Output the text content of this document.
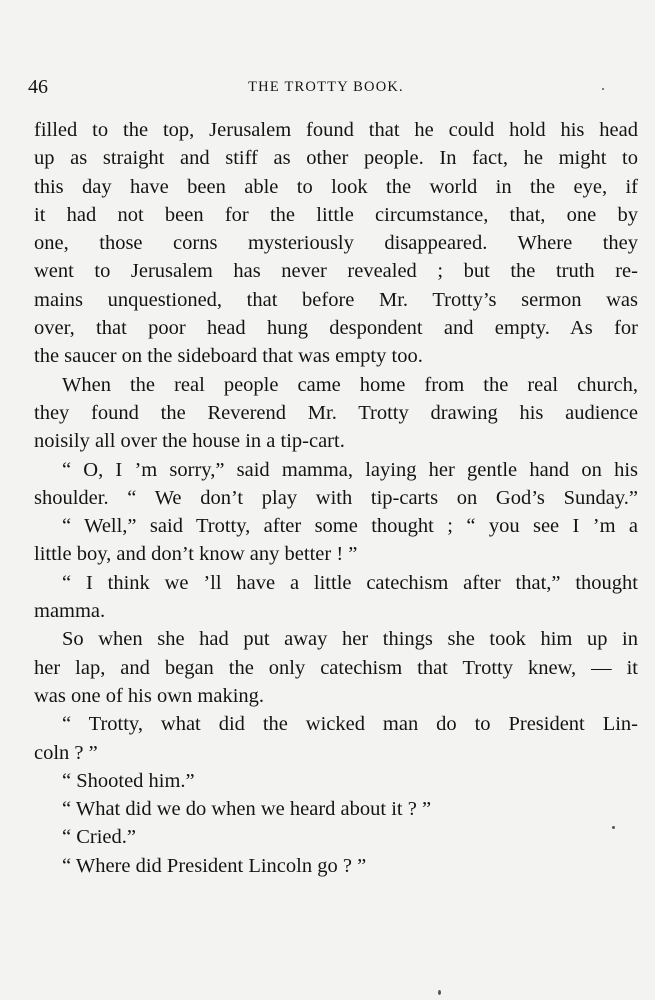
46	THE TROTTY BOOK.
filled to the top, Jerusalem found that he could hold his head
up as straight and stiff as other people. In fact, he might to
this day have been able to look the world in the eye, if
it had not been for the little circumstance, that, one by
one, those corns mysteriously disappeared. Where they
went to Jerusalem has never revealed ; but the truth re-
mains unquestioned, that before Mr. Trotty’s sermon was
over, that poor head hung despondent and empty. As for
the saucer on the sideboard that was empty too.
When the real people came home from the real church,
they found the Reverend Mr. Trotty drawing his audience
noisily all over the house in a tip-cart.
“ O, I ’m sorry,” said mamma, laying her gentle hand on his
shoulder. “ We don’t play with tip-carts on God’s Sunday.”
“ Well,” said Trotty, after some thought ; “ you see I ’m a
little boy, and don’t know any better ! ”
“ I think we ’ll have a little catechism after that,” thought
mamma.
So when she had put away her things she took him up in
her lap, and began the only catechism that Trotty knew, — it
was one of his own making.
“ Trotty, what did the wicked man do to President Lin-
coln ? ”
“ Shooted him.”
“ What did we do when we heard about it ? ”
“ Cried.”
“ Where did President Lincoln go ? ”
